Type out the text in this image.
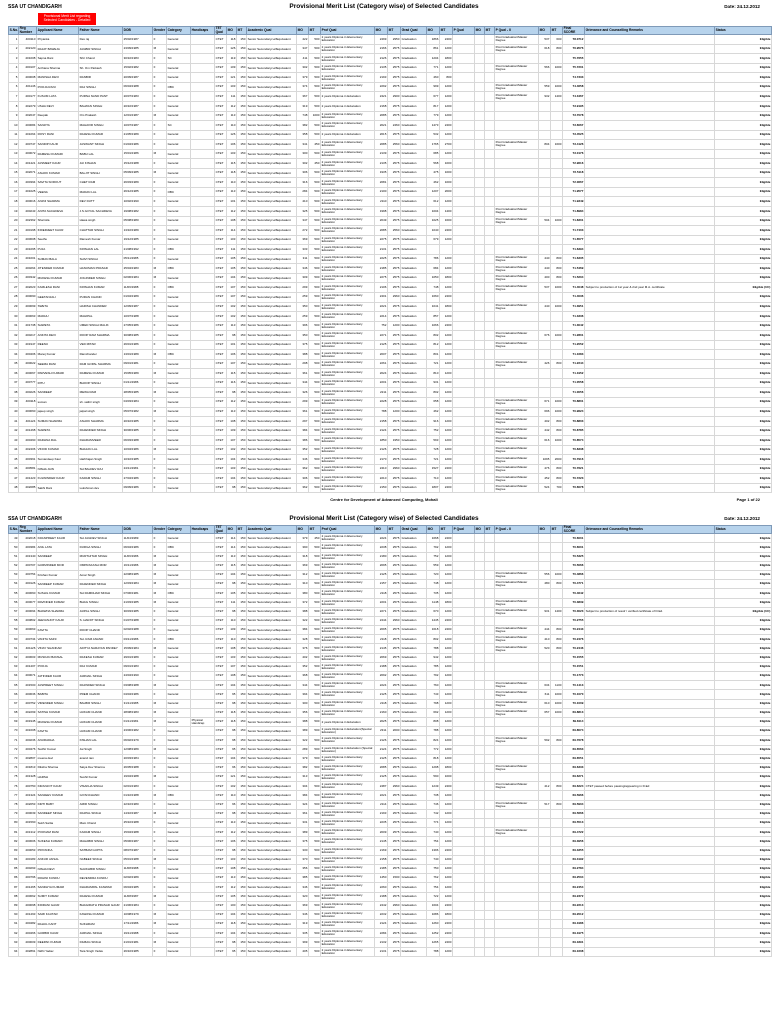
SSA UT CHANDIGARH	Provisional Merit List (Category wise) of Selected Candidates	Date: 24.12.2012
Provisional Merit List regarding Selected Candidates - Detailed
S.No.	Reg Number	Applicant Name	Father Name	DOB	Gender	Category	Handicaps	TET Qual	MO	MT	Academic Qual	MO	MT	Prof Qual	MO	MT	Grad Qual	MO	MT	P Qual	MO	MT	P Qual - II	MO	MT	Final SCORE	Grievance and Counselling Remarks	Status
1	400110	Priyanka	Des raj	25/02/1987	F	General		CTET	118	150	Senior Secondary/+2/Equivalent	422	500	2 years Diploma in Elementary Education	2499	2950	Graduation	1866	2400				Post Graduation/Master Degree	537	600	78.0712		Eligible
2	402120	RAJAT BAWEJA	JAGBIR SINGH	23/09/1985	M	General		CTET	126	150	Senior Secondary/+2/Equivalent	347	500	2 years Diploma in Elementary Education	2166	2575	Graduation	861	1200				Post Graduation/Master Degree	618	800	76.9576		Eligible
3	401008	Sapna Rani	Shri Chand	30/10/1983	F	SC		CTET	119	150	Senior Secondary/+2/Equivalent	411	500	2 years Diploma in Elementary Education	2126	2575	Graduation	1204	1800							75.7655		Eligible
4	400107	Archana Sharma	Sh. Om Parkash	15/02/1982	F	General		CTET	109	150	Senior Secondary/+2/Equivalent	302	500	2 years Diploma in Elementary Education	2135	2575	Graduation	771	1200				Post Graduation/Master Degree	566	1000	75.7201		Eligible
5	400008	MANISHA DEVI	RANBIR	20/09/1987	F	General		CTET	121	150	Senior Secondary/+2/Equivalent	379	500	2 years Diploma in Elementary Education	2193	2575	Graduation	460	800							74.7333		Eligible
6	401146	POOJA RANI	RAJ SINGH	06/04/1988	F	OBC		CTET	103	150	Senior Secondary/+2/Equivalent	374	500	2 years Diploma in Elementary Education	2292	2575	Graduation	999	1200				Post Graduation/Master Degree	559	1000	74.4658		Eligible
7	400177	KUSUM LATA	PURNA NAND PANT	20/07/1983	F	General		CTET	111	150	Senior Secondary/+2/Equivalent	367	500	2 years Diploma in Education	2421	2900	Graduation	677	1200				Post Graduation/Master Degree	932	1400	74.3467		Eligible
8	402279	USHA DEVI	BALWAN SINGH	20/10/1987	F	General		CTET	112	150	Senior Secondary/+2/Equivalent	319	500	2 years Diploma in Education	2168	2575	Graduation	817	1200							73.9195		Eligible
9	402047	Deepak	Om Prakash	12/01/1987	M	General		CTET	113	150	Senior Secondary/+2/Equivalent	748	1000	2 years Diploma in Elementary Education	2085	2575	Graduation	779	1200							73.7078		Eligible
10	400084	SANJITA	MAHAVIR SINGH	10/07/1987	F	SC		CTET	110	150	Senior Secondary/+2/Equivalent	382	500	2 years Diploma in Elementary Education	2021	2460	Graduation	1473	2400							73.6067		Eligible
11	401064	ROSY RANI	RAJESH KUMAR	21/05/1989	F	General		CTET	126	150	Senior Secondary/+2/Equivalent	358	500	2 years Diploma in Education	2015	2575	Graduation	532	1200							73.4525		Eligible
12	400747	SANDIP KAUR	JASWANT SINGH	01/04/1986	F	General		CTET	106	150	Senior Secondary/+2/Equivalent	341	450	2 years Diploma in Elementary Education	2085	2560	Graduation	1765	2700				Post Graduation/Master Degree	804	1600	73.4126		Eligible
13	400072	RAMESH KUMARI	BABU LAL	15/01/1986	M	General		CTET	103	150	Senior Secondary/+2/Equivalent	300	500	2 years Diploma in Elementary Education	2139	2575	Graduation	685	1200							73.0176		Eligible
14	401421	JASMEET KAUR	JAI KISHAN	15/12/1988	F	General		CTET	115	150	Senior Secondary/+2/Equivalent	302	450	2 years Diploma in Elementary Education	2135	2575	Graduation	568	1000							72.9616		Eligible
15	402071	ASHOK KUMAR	BALJIT SINGH	05/09/1985	M	General		CTET	118	150	Senior Secondary/+2/Equivalent	306	500	2 years Diploma in Elementary Education	1935	2575	Graduation	475	1000							72.5118		Eligible
16	400394	SAVITA SOROUT	CHET RAM	26/03/1989	F	General		CTET	110	150	Senior Secondary/+2/Equivalent	316	500	2 years Diploma in Elementary Education	2081	2575	Graduation	462	1000							72.0667		Eligible
17	401025	VEENA	MADAN LAL	26/12/1985	F	OBC		CTET	113	150	Senior Secondary/+2/Equivalent	284	500	2 years Diploma in Elementary Education	2100	2575	Graduation	1207	2000							71.9577		Eligible
18	400016	ANJNI SHARMA	DEV DUTT	10/02/1990	F	General		CTET	101	150	Senior Secondary/+2/Equivalent	410	500	2 years Diploma in Elementary Education	2110	2575	Graduation	612	1200							71.9349		Eligible
19	400243	ANITA SACHDEVA	J.S.GOYAL SACHDEVA	19/08/1982	F	General		CTET	112	150	Senior Secondary/+2/Equivalent	325	500	2 years Diploma in Elementary Education	1998	2575	Graduation	1004	1400				Post Graduation/Master Degree			71.8984		Eligible
20	402362	Sharmila	Hawa singh	05/08/1980	F	General		CTET	108	150	Senior Secondary/+2/Equivalent	347	500	2 years Diploma in Elementary Education	2049	2575	Graduation	1025	1600				Post Graduation/Master Degree	504	1000	71.8301		Eligible
21	400198	INDERJEET KAUR	CHATTAR SINGH	13/10/1989	F	General		CTET	114	150	Senior Secondary/+2/Equivalent	272	500	2 years Diploma in Elementary Education	2085	2560	Graduation	1040	2400							71.7403		Eligible
22	400608	Seethu	Ramesh Kumar	19/12/1985	F	General		CTET	103	150	Senior Secondary/+2/Equivalent	369	500	2 years Diploma in Elementary Education	2275	2575	Graduation	679	1200							71.6577		Eligible
23	401095	PUJA	KRISHAN LAL	21/08/1992	F	OBC		CTET	111	150	Senior Secondary/+2/Equivalent	333	500	2 years Diploma in Elementary Education	2131	2575	Graduation									71.6394		Eligible
24	401001	SUMAN BALA	SHIVI SINGH	05/11/1985	F	General		CTET	105	150	Senior Secondary/+2/Equivalent	311	500	2 years Diploma in Elementary Education	2225	2575	Graduation	786	1200				Post Graduation/Master Degree	440	800	71.6335		Eligible
25	400264	JITENDER KUMAR	HANUMAN PRASAD	25/04/1983	M	OBC		CTET	105	150	Senior Secondary/+2/Equivalent	346	500	2 years Diploma in Elementary Education	2185	2575	Graduation	684	1200				Post Graduation/Master Degree	440	800	71.5469		Eligible
26	400342	MUKESH KUMAR	JOGINDER SINGH	02/06/1984	M	General		CTET	104	150	Senior Secondary/+2/Equivalent	309	500	2 years Diploma in Elementary Education	2275	2575	Graduation	1050	1800				Post Graduation/Master Degree	400	800	71.5204		Eligible
27	402023	KAMLESH RANI	KRISHAN KUMAR	11/06/1988	F	OBC		CTET	107	150	Senior Secondary/+2/Equivalent	299	500	2 years Diploma in Elementary Education	2106	2575	Graduation	748	1200				Post Graduation/Master Degree	537	1000	71.4048	Subject to production of 1st year & 2nd year M.A. certificate	Eligible (UC)
28	400090	GEETANJALI	PURAN CHAND	01/04/1989	F	General		CTET	107	150	Senior Secondary/+2/Equivalent	259	500	2 years Diploma in Elementary Education	2401	2960	Graduation	1660	2400							71.4036		Eligible
29	400099	SWETA	HARISH CHANDER	12/09/1987	F	General		CTET	102	150	Senior Secondary/+2/Equivalent	350	500	2 years Diploma in Elementary Education	2221	2575	Graduation	1041	1800				Post Graduation/Master Degree	440	1000	71.3951		Eligible
30	400063	MADHU	MAHIPAL	10/07/1988	F	General		CTET	102	150	Senior Secondary/+2/Equivalent	259	500	2 years Diploma in Elementary Education	2214	2575	Graduation	857	1200							71.3336		Eligible
31	401738	SHWETA	UMED SINGH MALIK	27/05/1986	F	General		CTET	113	150	Senior Secondary/+2/Equivalent	396	500	2 years Diploma in Elementary Education	752	1200	Graduation	1066	2400							71.3042		Eligible
32	400217	ANKITA DEVI	ROOP RAM SHARMA	30/08/1985	F	General		CTET	98	150	Senior Secondary/+2/Equivalent	350	500	2 years Diploma in Elementary Education	2271	2575	Graduation	802	1200				Post Graduation/Master Degree	676	1000	71.2801		Eligible
33	401947	REENU	VED MITAR	26/01/1986	F	General		CTET	101	150	Senior Secondary/+2/Equivalent	375	500	2 years Diploma in Elementary Education	2125	2575	Graduation	812	1200				Post Graduation/Master Degree			71.2052		Eligible
34	400406	Manoj Kumar	Ramchander	13/01/1989	M	OBC		CTET	106	150	Senior Secondary/+2/Equivalent	388	500	2 years Diploma in Elementary Education	2007	2575	Graduation	801	1200							71.1683		Eligible
35	400022	SEEMA RANI	RAM GOPAL SHARMA	09/01/1981	F	General		CTET	107	150	Senior Secondary/+2/Equivalent	298	500	2 years Diploma in Elementary Education	2261	2575	Graduation	721	1200				Post Graduation/Master Degree	426	800	71.2244		Eligible
36	400067	PARVESH KUMARI	RAMESH KUMAR	15/05/1989	M	General		CTET	115	150	Senior Secondary/+2/Equivalent	361	500	2 years Diploma in Elementary Education	2024	2575	Graduation	810	1200							71.1952		Eligible
37	400777	RITU	BHOOP SINGH	01/11/1986	F	General		CTET	116	150	Senior Secondary/+2/Equivalent	344	500	2 years Diploma in Elementary Education	2201	2575	Graduation	931	1200							71.0558		Eligible
38	400226	SANDEEP	MEWA RAM	28/05/1985	M	General		CTET	98	150	Senior Secondary/+2/Equivalent	326	500	2 years Diploma in Elementary Education	2211	2575	Graduation	802	1200							71.0056		Eligible
39	400118	suman	sh. satbir singh	04/03/1984	F	General		CTET	112	150	Senior Secondary/+2/Equivalent	299	500	2 years Diploma in Elementary Education	2228	2575	Graduation	658	1200				Post Graduation/Master Degree	671	1000	70.8801		Eligible
40	400060	jajeep singh	jaipal singh	05/07/1982	M	General		CTET	113	150	Senior Secondary/+2/Equivalent	361	500	2 years Diploma in Elementary Education	788	1200	Graduation	462	1200				Post Graduation/Master Degree	696	1000	70.9624		Eligible
41	401124	SUMAN SHARMA	ASHOK SHARMA	20/10/1985	F	General		CTET	108	150	Senior Secondary/+2/Equivalent	297	500	2 years Diploma in Elementary Education	2158	2575	Graduation	916	1200				Post Graduation/Master Degree	402	800	70.8803		Eligible
42	401468	SHWETA	RAJENDER SINGH	30/06/1985	F	General		CTET	109	150	Senior Secondary/+2/Equivalent	384	500	2 years Diploma in Elementary Education	2124	2575	Graduation	752	1200				Post Graduation/Master Degree	442	800	70.8785		Eligible
43	400490	RADHNA RAL	DHARAMVEER	06/03/1988	F	General		CTET	107	150	Senior Secondary/+2/Equivalent	386	500	2 years Diploma in Elementary Education	1850	1950	Graduation	593	1200				Post Graduation/Master Degree	616	1000	70.8574		Eligible
44	402406	VINOD KUMAR	BHAJAN LAL	10/04/1986	M	General		CTET	102	150	Senior Secondary/+2/Equivalent	352	500	2 years Diploma in Elementary Education	2126	2575	Graduation	728	1200				Post Graduation/Master Degree			70.8338		Eligible
45	400391	Sumandeep Kaur	Harbhajan Singh	10/10/1985	F	General		CTET	104	150	Senior Secondary/+2/Equivalent	346	500	2 years Diploma in Elementary Education	2170	2575	Graduation	721	1200				Post Graduation/Master Degree	1095	2600	70.7916		Eligible
46	400581	NISHA JAIN	SH BALDEV RAJ	24/11/1981	F	General		CTET	103	150	Senior Secondary/+2/Equivalent	362	500	2 years Diploma in Elementary Education	2410	2960	Graduation	1527	2400				Post Graduation/Master Degree	476	800	70.7621		Eligible
47	401423	KULWINDER KAUR	KARAM SINGH	27/04/1986	F	General		CTET	104	150	Senior Secondary/+2/Equivalent	306	500	2 years Diploma in Elementary Education	2210	2575	Graduation	710	1200				Post Graduation/Master Degree	452	800	70.7223		Eligible
48	402085	Sakhi Rani	Lukshman dev	09/09/1986	F	General		CTET	98	150	Senior Secondary/+2/Equivalent	362	500	2 years Diploma in Elementary Education	2150	2575	Graduation	1807	2400				Post Graduation/Master Degree	524	700	70.6078		Eligible
Centre for Development of Advanced Computing, Mohali	Page 1 of 22
SSA UT CHANDIGARH	Provisional Merit List (Category wise) of Selected Candidates	Date: 24.12.2012
S.No.	Reg Number	Applicant Name	Father Name	DOB	Gender	Category	Handicaps	TET Qual	MO	MT	Academic Qual	MO	MT	Prof Qual	MO	MT	Grad Qual	MO	MT	P Qual	MO	MT	P Qual - II	MO	MT	Final SCORE	Grievance and Counselling Remarks	Status
49	402018	KRANPREET KAUR	SH JAGDEV SINGH	11/04/1989	F	General		CTET	114	150	Senior Secondary/+2/Equivalent	379	450	2 years Diploma in Elementary Education	2224	2575	Graduation	1668	2400							70.6001		Eligible
50	400384	ANIL LATA	DURGA SINGH	06/04/1986	F	OBC		CTET	114	150	Senior Secondary/+2/Equivalent	390	500	2 years Diploma in Elementary Education	2238	2575	Graduation	792	1200							70.6001		Eligible
51	401340	SANDEEP	MURTHITAR SINGH	11/06/1986	M	General		CTET	113	150	Senior Secondary/+2/Equivalent	318	500	2 years Diploma in Elementary Education	2180	2575	Graduation	752	1200							70.5325		Eligible
52	400707	GURMINDER MOR	OMPRAKASH MOR	16/11/1986	M	General		CTET	115	150	Senior Secondary/+2/Equivalent	369	500	2 years Diploma in Elementary Education	2095	2575	Graduation	559	1200							70.5066		Eligible
53	400754	Krishan Kumar	Amar Singh	22/08/1985	M	General		CTET	104	150	Senior Secondary/+2/Equivalent	312	500	2 years Diploma in Elementary Education	2125	2575	Graduation	720	1200				Post Graduation/Master Degree	556	1000	70.4866		Eligible
54	400126	SANDEEP KUMAR	RAJENDER SINGH	12/03/1984	M	General		CTET	98	150	Senior Secondary/+2/Equivalent	310	500	2 years Diploma in Elementary Education	2157	2575	Graduation	748	1200				Post Graduation/Master Degree	480	800	70.4771		Eligible
55	400660	SUSHIL KUMAR	SH RAMDHAR SINGH	07/06/1981	M	OBC		CTET	105	150	Senior Secondary/+2/Equivalent	380	500	2 years Diploma in Elementary Education	2118	2575	Graduation	735	1200							70.4642		Eligible
56	400077	RAVINDER KUMAR	BHAG SINGH	21/03/1985	M	General		CTET	111	150	Senior Secondary/+2/Equivalent	372	500	2 years Diploma in Elementary Education	2201	2575	Graduation	1148	1800				Post Graduation/Master Degree			70.3839		Eligible
57	400094	BHAWNA SHARMA	JAIPAL SINGH	30/03/1985	F	General		CTET	98	150	Senior Secondary/+2/Equivalent	388	500	2 years Diploma in Elementary Education	2271	2575	Graduation	670	1200				Post Graduation/Master Degree	931	1400	70.3023	Subject to production of resulr / verified certificate of D.Ed.	Eligible (UC)
58	400802	JEEVANJOT KAUR	S. HARJIT SINGH	01/07/1988	F	General		CTET	110	150	Senior Secondary/+2/Equivalent	322	500	2 years Diploma in Elementary Education	2444	2960	Graduation	1445	2400							70.2755		Eligible
59	400063	KAVITA	ROOP CHAND	02/02/1988	F	General		CTET	109	150	Senior Secondary/+2/Equivalent	384	500	2 years Diploma in Elementary Education	2095	2575	Graduation	1618	2400				Post Graduation/Master Degree	444	800	70.2443		Eligible
60	400734	VANITA SAINI	SH. RAM ANAND	03/11/1986	F	OBC		CTET	110	150	Senior Secondary/+2/Equivalent	328	500	2 years Diploma in Elementary Education	2118	2575	Graduation	802	1200				Post Graduation/Master Degree	410	800	70.2476		Eligible
61	401126	VINAY SHANKAR	ADITYA NARAYAN PANDEY	15/09/1984	M	General		CTET	108	150	Senior Secondary/+2/Equivalent	376	500	2 years Diploma in Elementary Education	2145	2575	Graduation	788	1200				Post Graduation/Master Degree	520	800	70.2446		Eligible
62	400603	MUSKAN BANSAL	RAKESH KUMAR	29/01/1989	F	General		CTET	103	150	Senior Secondary/+2/Equivalent	402	500	2 years Diploma in Elementary Education	2069	2575	Graduation	942	1200							70.1555		Eligible
63	401407	POOJA	RAJ KUMAR	09/01/1983	F	General		CTET	107	150	Senior Secondary/+2/Equivalent	352	500	2 years Diploma in Elementary Education	2188	2575	Graduation	785	1200							70.1551		Eligible
64	400071	JATINDER KAUR	JARNAIL SINGH	24/04/1990	F	General		CTET	108	150	Senior Secondary/+2/Equivalent	368	500	2 years Diploma in Elementary Education	2092	2575	Graduation	792	1200							70.1773		Eligible
65	401500	JASPREET SINGH	RAJINDER SINGH	03/08/1988	M	General		CTET	104	150	Senior Secondary/+2/Equivalent	344	500	2 years Diploma in Elementary Education	2224	2575	Graduation	760	1200				Post Graduation/Master Degree	634	1100	70.1413		Eligible
66	400636	BABITA	PREM CHAND	04/04/1986	F	General		CTET	95	150	Senior Secondary/+2/Equivalent	394	500	2 years Diploma in Elementary Education	2125	2575	Graduation	743	1200				Post Graduation/Master Degree	611	1000	70.1070		Eligible
67	400752	VIRENDER SINGH	BALBIR SINGH	31/11/1985	M	General		CTET	98	150	Senior Secondary/+2/Equivalent	300	500	2 years Diploma in Elementary Education	2118	2575	Graduation	798	1200				Post Graduation/Master Degree	610	1000	70.1009		Eligible
68	402299	SATISH KUMAR	HUKAM CHAND	28/08/1983	M	General		CTET	118	150	Senior Secondary/+2/Equivalent	356	500	2 years Diploma in Elementary Education	2160	2575	Graduation	692	1200				Post Graduation/Master Degree	657	1000	69.8813		Eligible
69	401945	MUKESH KUMAR	HUKAM CHAND	01/11/1981	M	General	Physical Handicap	CTET	118	150	Senior Secondary/+2/Equivalent	388	500	2 years Diploma in Education	2025	2575	Graduation	808	1200							69.8114		Eligible
70	401608	KAVITA	HUKAM CHAND	23/06/1982	F	General		CTET	98	150	Senior Secondary/+2/Equivalent	389	500	2 years Diploma in Education(Special Education)	2311	2000	Graduation	788	1200							69.8074		Eligible
71	400236	ANURADHA	KISHAN LAL	06/02/1979	F	General		CTET	98	150	Senior Secondary/+2/Equivalent	322	500	2 years Diploma in Elementary Education	2126	2575	Graduation	824	1200				Post Graduation/Master Degree	592	800	69.7678		Eligible
72	400476	Sudhir Kumar	Jai Singh	12/08/1989	M	General		CTET	95	150	Senior Secondary/+2/Equivalent	289	500	2 years Diploma in Education (Special Education)	2124	2575	Graduation	772	1200							69.6563		Eligible
73	402807	meena devi	anand ram	20/03/1984	F	General		CTET	104	150	Senior Secondary/+2/Equivalent	379	500	2 years Diploma in Elementary Education	2125	2575	Graduation	818	1200							69.6551		Eligible
74	401813	Diksha Sharma	Satya Dev Sharma	26/05/1988	F	General		CTET	96	150	Senior Secondary/+2/Equivalent	382	500	2 years Diploma in Elementary Education	2085	2575	Graduation	1298	1800				Post Graduation/Master Degree			69.6333		Eligible
75	401328	HARSH	Sushil Kumar	19/04/1988	M	General		CTET	121	150	Senior Secondary/+2/Equivalent	313	500	2 years Diploma in Elementary Education	2125	2575	Graduation	590	1000							69.6271		Eligible
76	400750	KIRANJOT KAUR	VISAKHA SINGH	02/01/1983	F	General		CTET	102	150	Senior Secondary/+2/Equivalent	304	500	2 years Diploma in Elementary Education	2487	2960	Graduation	1249	2400				Post Graduation/Master Degree	412	800	69.6224	CTET passed before passing/appearing in D.Ed	Eligible
77	401324	SANJEEV KUMAR	GIYANCHAND	01/10/1988	M	OBC		CTET	110	150	Senior Secondary/+2/Equivalent	384	500	2 years Diploma in Elementary Education	2221	2575	Graduation	738	1200							69.5966		Eligible
78	402053	KIRTI BABY	AMIR SINGH	22/10/1980	F	General		CTET	96	150	Senior Secondary/+2/Equivalent	324	500	2 years Diploma in Elementary Education	2114	2575	Graduation	746	1200				Post Graduation/Master Degree	517	800	69.5904		Eligible
79	400039	SANDEEP SINGH	RAJPAL SINGH	14/10/1987	M	General		CTET	98	150	Senior Secondary/+2/Equivalent	361	500	2 years Diploma in Elementary Education	2193	2575	Graduation	742	1200							69.5666		Eligible
80	401560	Sukh Sarita	Mam Chand	25/10/1988	F	General		CTET	113	150	Senior Secondary/+2/Equivalent	331	500	2 years Diploma in Elementary Education	2235	2575	Graduation	774	1200							69.5513		Eligible
81	401312	POONAM RANI	KARAM SINGH	15/04/1988	F	General		CTET	112	150	Senior Secondary/+2/Equivalent	389	500	2 years Diploma in Elementary Education	2009	2575	Graduation	740	1200				Post Graduation/Master Degree			69.4722		Eligible
82	400606	SUKESH KUMARI	MAHABIR SINGH	05/06/1987	F	General		CTET	106	150	Senior Secondary/+2/Equivalent	375	500	2 years Diploma in Elementary Education	2145	2575	Graduation	754	1200							69.3956		Eligible
83	400053	PRIYANKA	SATBAM GUPTA	08/07/1987	F	General		CTET	98	150	Senior Secondary/+2/Equivalent	330	500	2 years Diploma in Elementary Education	2169	2575	Graduation	1396	2400							69.3355		Eligible
84	400183	ANKUR JAISAL	NABEEF SINGH	05/01/1988	M	General		CTET	103	150	Senior Secondary/+2/Equivalent	370	500	2 years Diploma in Elementary Education	2158	2575	Graduation	740	1200							69.3192		Eligible
85	400293	NISHA DEVI	SHUKHBIR SINGH	11/08/1988	F	General		CTET	108	150	Senior Secondary/+2/Equivalent	356	500	2 years Diploma in Elementary Education	2185	2575	Graduation	750	1200							69.2784		Eligible
86	400796	ROHINI KUNDU	DEVENDRA KUNDU	02/02/1989	F	General		CTET	113	150	Senior Secondary/+2/Equivalent	385	500	2 years Diploma in Elementary Education	1450	1500	Graduation	762	1200							69.2504		Eligible
87	401465	SANDHYA KUMARI	DHARAMPAL KANWAR	06/04/1985	F	General		CTET	112	150	Senior Secondary/+2/Equivalent	346	500	2 years Diploma in Elementary Education	2260	2575	Graduation	754	1200							69.2454		Eligible
88	400662	SUMIT KUMAR	RAJESH KUMAR	11/08/1987	M	General		CTET	105	150	Senior Secondary/+2/Equivalent	320	500	2 years Diploma in Elementary Education	2188	2575	Graduation	722	1200							69.2372		Eligible
89	400098	INDRANI GAUR	BHAGIRATH PRASAD GAUR	21/06/1984	F	General		CTET	100	150	Senior Secondary/+2/Equivalent	369	500	2 years Diploma in Elementary Education	2442	2960	Graduation	1604	2400							69.2213		Eligible
90	401493	SAMI KAUTAR	KAWASH KUMAR	10/08/1979	M	General		CTET	104	150	Senior Secondary/+2/Equivalent	346	500	2 years Diploma in Elementary Education	2232	2575	Graduation	1086	1800							69.2012		Eligible
91	400482	RAHUL KANT	SUKHRAM	17/11/1986	M	General		CTET	118	150	Senior Secondary/+2/Equivalent	319	500	2 years Diploma in Elementary Education	2124	2575	Graduation	1260	2400							69.1986		Eligible
92	400466	GURBIR KAUR	JARNAIL SINGH	19/11/1988	F	General		CTET	104	150	Senior Secondary/+2/Equivalent	335	500	2 years Diploma in Elementary Education	2284	2575	Graduation	1252	2400							69.1975		Eligible
93	400009	DEEPAK KUMAR	DILBAG SINGH	21/01/1981	M	General		CTET	98	150	Senior Secondary/+2/Equivalent	399	500	2 years Diploma in Elementary Education	2132	2575	Graduation	1265	2400							69.1891		Eligible
94	402891	Nidhi Yadav	Tara Singh Yadav	26/10/1985	F	General		CTET	95	150	Senior Secondary/+2/Equivalent	405	500	2 years Diploma in Elementary Education	2131	2575	Graduation	788	1200							69.1608		Eligible
